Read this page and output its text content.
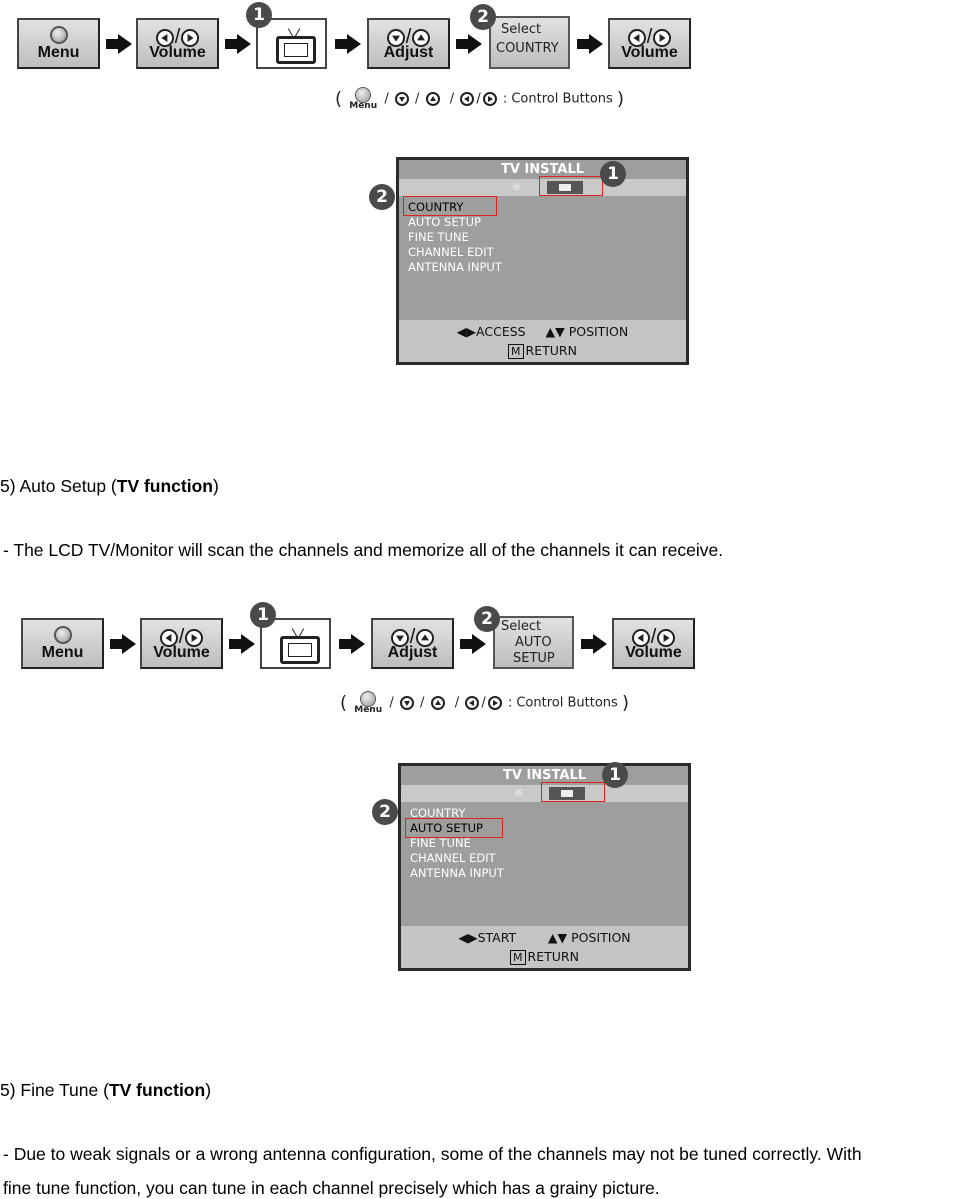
Menu
/
Volume
1
/
Adjust
Select
COUNTRY
2
/
Volume
( Menu / / / / : Control Buttons )
TV INSTALL
☼
COUNTRY
AUTO SETUP
FINE TUNE
CHANNEL EDIT
ANTENNA INPUT
◀▶ACCESS ▲▼ POSITION
M RETURN
1
2
5) Auto Setup (TV function)
- The LCD TV/Monitor will scan the channels and memorize all of the channels it can receive.
Menu
/
Volume
1
/
Adjust
Select
AUTO
SETUP
2
/
Volume
( Menu / / / / : Control Buttons )
TV INSTALL
☼
COUNTRY
AUTO SETUP
FINE TUNE
CHANNEL EDIT
ANTENNA INPUT
◀▶START	▲▼ POSITION
M RETURN
1
2
5) Fine Tune (TV function)
- Due to weak signals or a wrong antenna configuration, some of the channels may not be tuned correctly. With
fine tune function, you can tune in each channel precisely which has a grainy picture.
